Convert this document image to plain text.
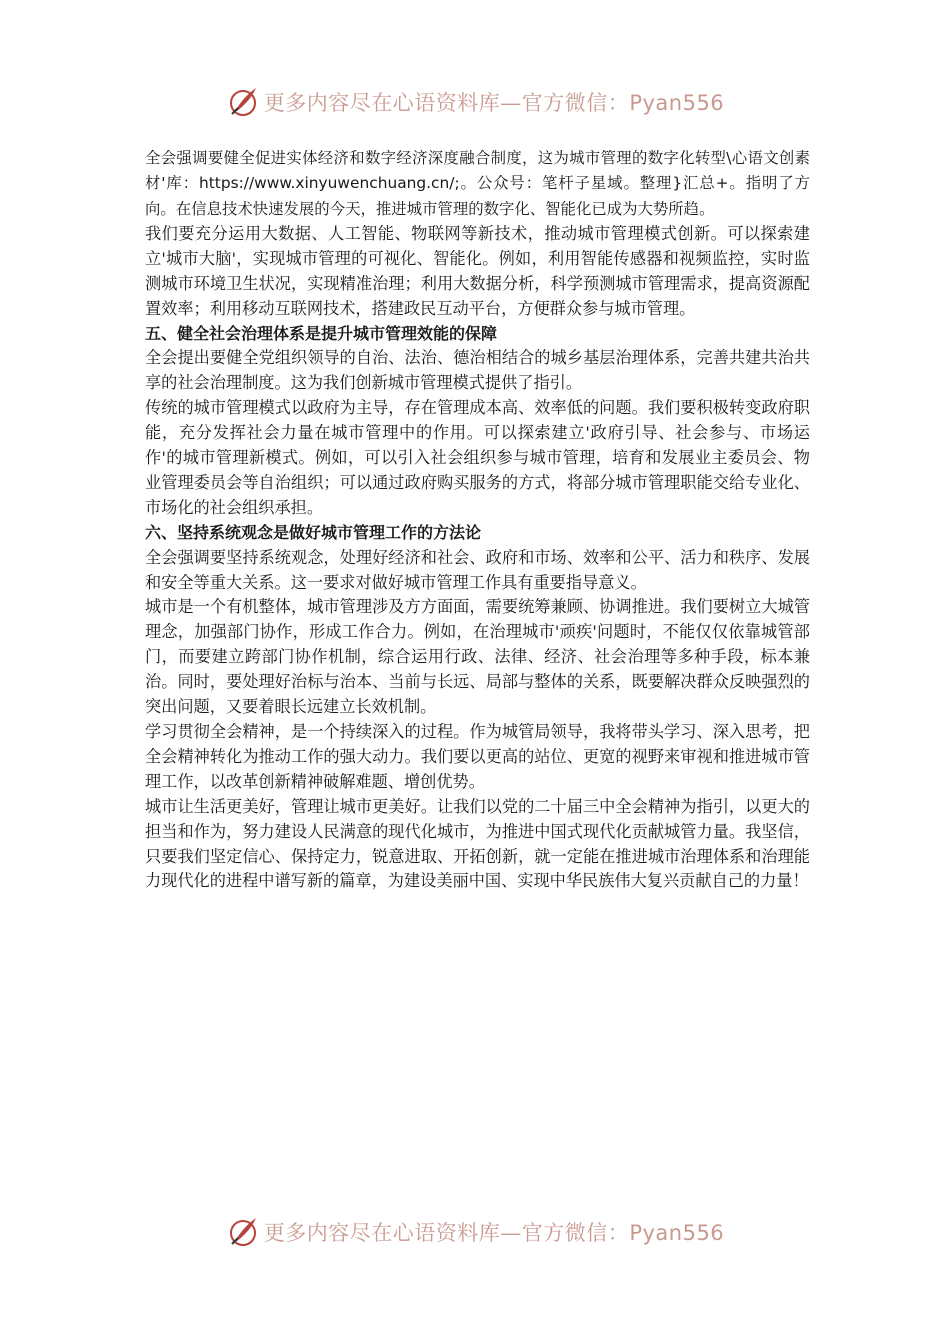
更多内容尽在心语资料库—官方微信：Pyan556

全会强调要健全促进实体经济和数字经济深度融合制度，这为城市管理的数字化转型\心语文创素材'库：https://www.xinyuwenchuang.cn/;。公众号：笔杆子星域。整理}汇总+。指明了方向。在信息技术快速发展的今天，推进城市管理的数字化、智能化已成为大势所趋。

我们要充分运用大数据、人工智能、物联网等新技术，推动城市管理模式创新。可以探索建立'城市大脑'，实现城市管理的可视化、智能化。例如，利用智能传感器和视频监控，实时监测城市环境卫生状况，实现精准治理；利用大数据分析，科学预测城市管理需求，提高资源配置效率；利用移动互联网技术，搭建政民互动平台，方便群众参与城市管理。

五、健全社会治理体系是提升城市管理效能的保障

全会提出要健全党组织领导的自治、法治、德治相结合的城乡基层治理体系，完善共建共治共享的社会治理制度。这为我们创新城市管理模式提供了指引。

传统的城市管理模式以政府为主导，存在管理成本高、效率低的问题。我们要积极转变政府职能，充分发挥社会力量在城市管理中的作用。可以探索建立'政府引导、社会参与、市场运作'的城市管理新模式。例如，可以引入社会组织参与城市管理，培育和发展业主委员会、物业管理委员会等自治组织；可以通过政府购买服务的方式，将部分城市管理职能交给专业化、市场化的社会组织承担。

六、坚持系统观念是做好城市管理工作的方法论

全会强调要坚持系统观念，处理好经济和社会、政府和市场、效率和公平、活力和秩序、发展和安全等重大关系。这一要求对做好城市管理工作具有重要指导意义。

城市是一个有机整体，城市管理涉及方方面面，需要统筹兼顾、协调推进。我们要树立大城管理念，加强部门协作，形成工作合力。例如，在治理城市'顽疾'问题时，不能仅仅依靠城管部门，而要建立跨部门协作机制，综合运用行政、法律、经济、社会治理等多种手段，标本兼治。同时，要处理好治标与治本、当前与长远、局部与整体的关系，既要解决群众反映强烈的突出问题，又要着眼长远建立长效机制。

学习贯彻全会精神，是一个持续深入的过程。作为城管局领导，我将带头学习、深入思考，把全会精神转化为推动工作的强大动力。我们要以更高的站位、更宽的视野来审视和推进城市管理工作，以改革创新精神破解难题、增创优势。

城市让生活更美好，管理让城市更美好。让我们以党的二十届三中全会精神为指引，以更大的担当和作为，努力建设人民满意的现代化城市，为推进中国式现代化贡献城管力量。我坚信，只要我们坚定信心、保持定力，锐意进取、开拓创新，就一定能在推进城市治理体系和治理能力现代化的进程中谱写新的篇章，为建设美丽中国、实现中华民族伟大复兴贡献自己的力量！

更多内容尽在心语资料库—官方微信：Pyan556
